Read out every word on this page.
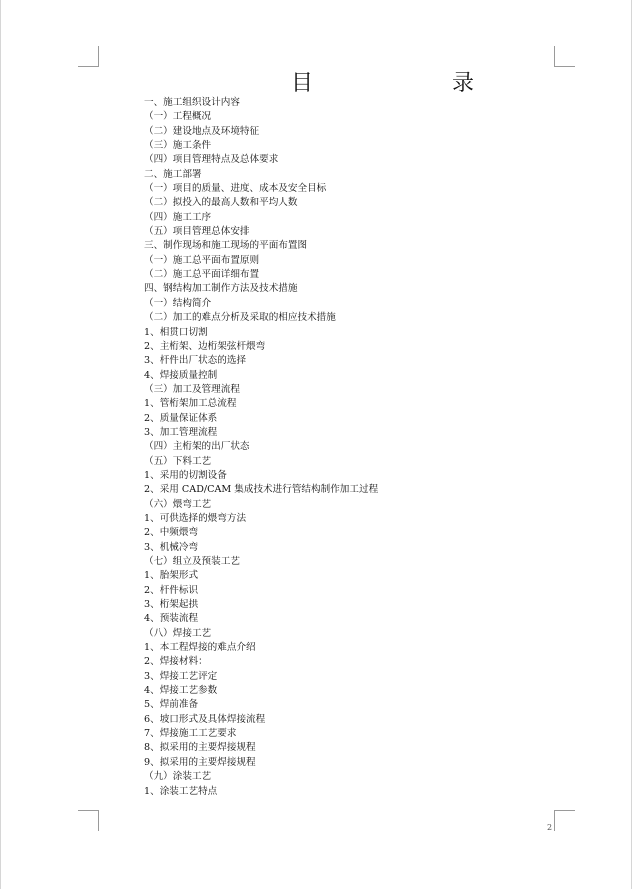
目 录
一、施工组织设计内容
（一）工程概况
（二）建设地点及环境特征
（三）施工条件
（四）项目管理特点及总体要求
二、施工部署
（一）项目的质量、进度、成本及安全目标
（二）拟投入的最高人数和平均人数
（四）施工工序
（五）项目管理总体安排
三、制作现场和施工现场的平面布置图
（一）施工总平面布置原则
（二）施工总平面详细布置
四、钢结构加工制作方法及技术措施
（一）结构简介
（二）加工的难点分析及采取的相应技术措施
1、相贯口切割
2、主桁架、边桁架弦杆煨弯
3、杆件出厂状态的选择
4、焊接质量控制
（三）加工及管理流程
1、管桁架加工总流程
2、质量保证体系
3、加工管理流程
（四）主桁架的出厂状态
（五）下料工艺
1、采用的切割设备
2、采用 CAD/CAM 集成技术进行管结构制作加工过程
（六）煨弯工艺
1、可供选择的煨弯方法
2、中频煨弯
3、机械冷弯
（七）组立及预装工艺
1、胎架形式
2、杆件标识
3、桁架起拱
4、预装流程
（八）焊接工艺
1、本工程焊接的难点介绍
2、焊接材料：
3、焊接工艺评定
4、焊接工艺参数
5、焊前准备
6、坡口形式及具体焊接流程
7、焊接施工工艺要求
8、拟采用的主要焊接规程
9、拟采用的主要焊接规程
（九）涂装工艺
1、涂装工艺特点
2
